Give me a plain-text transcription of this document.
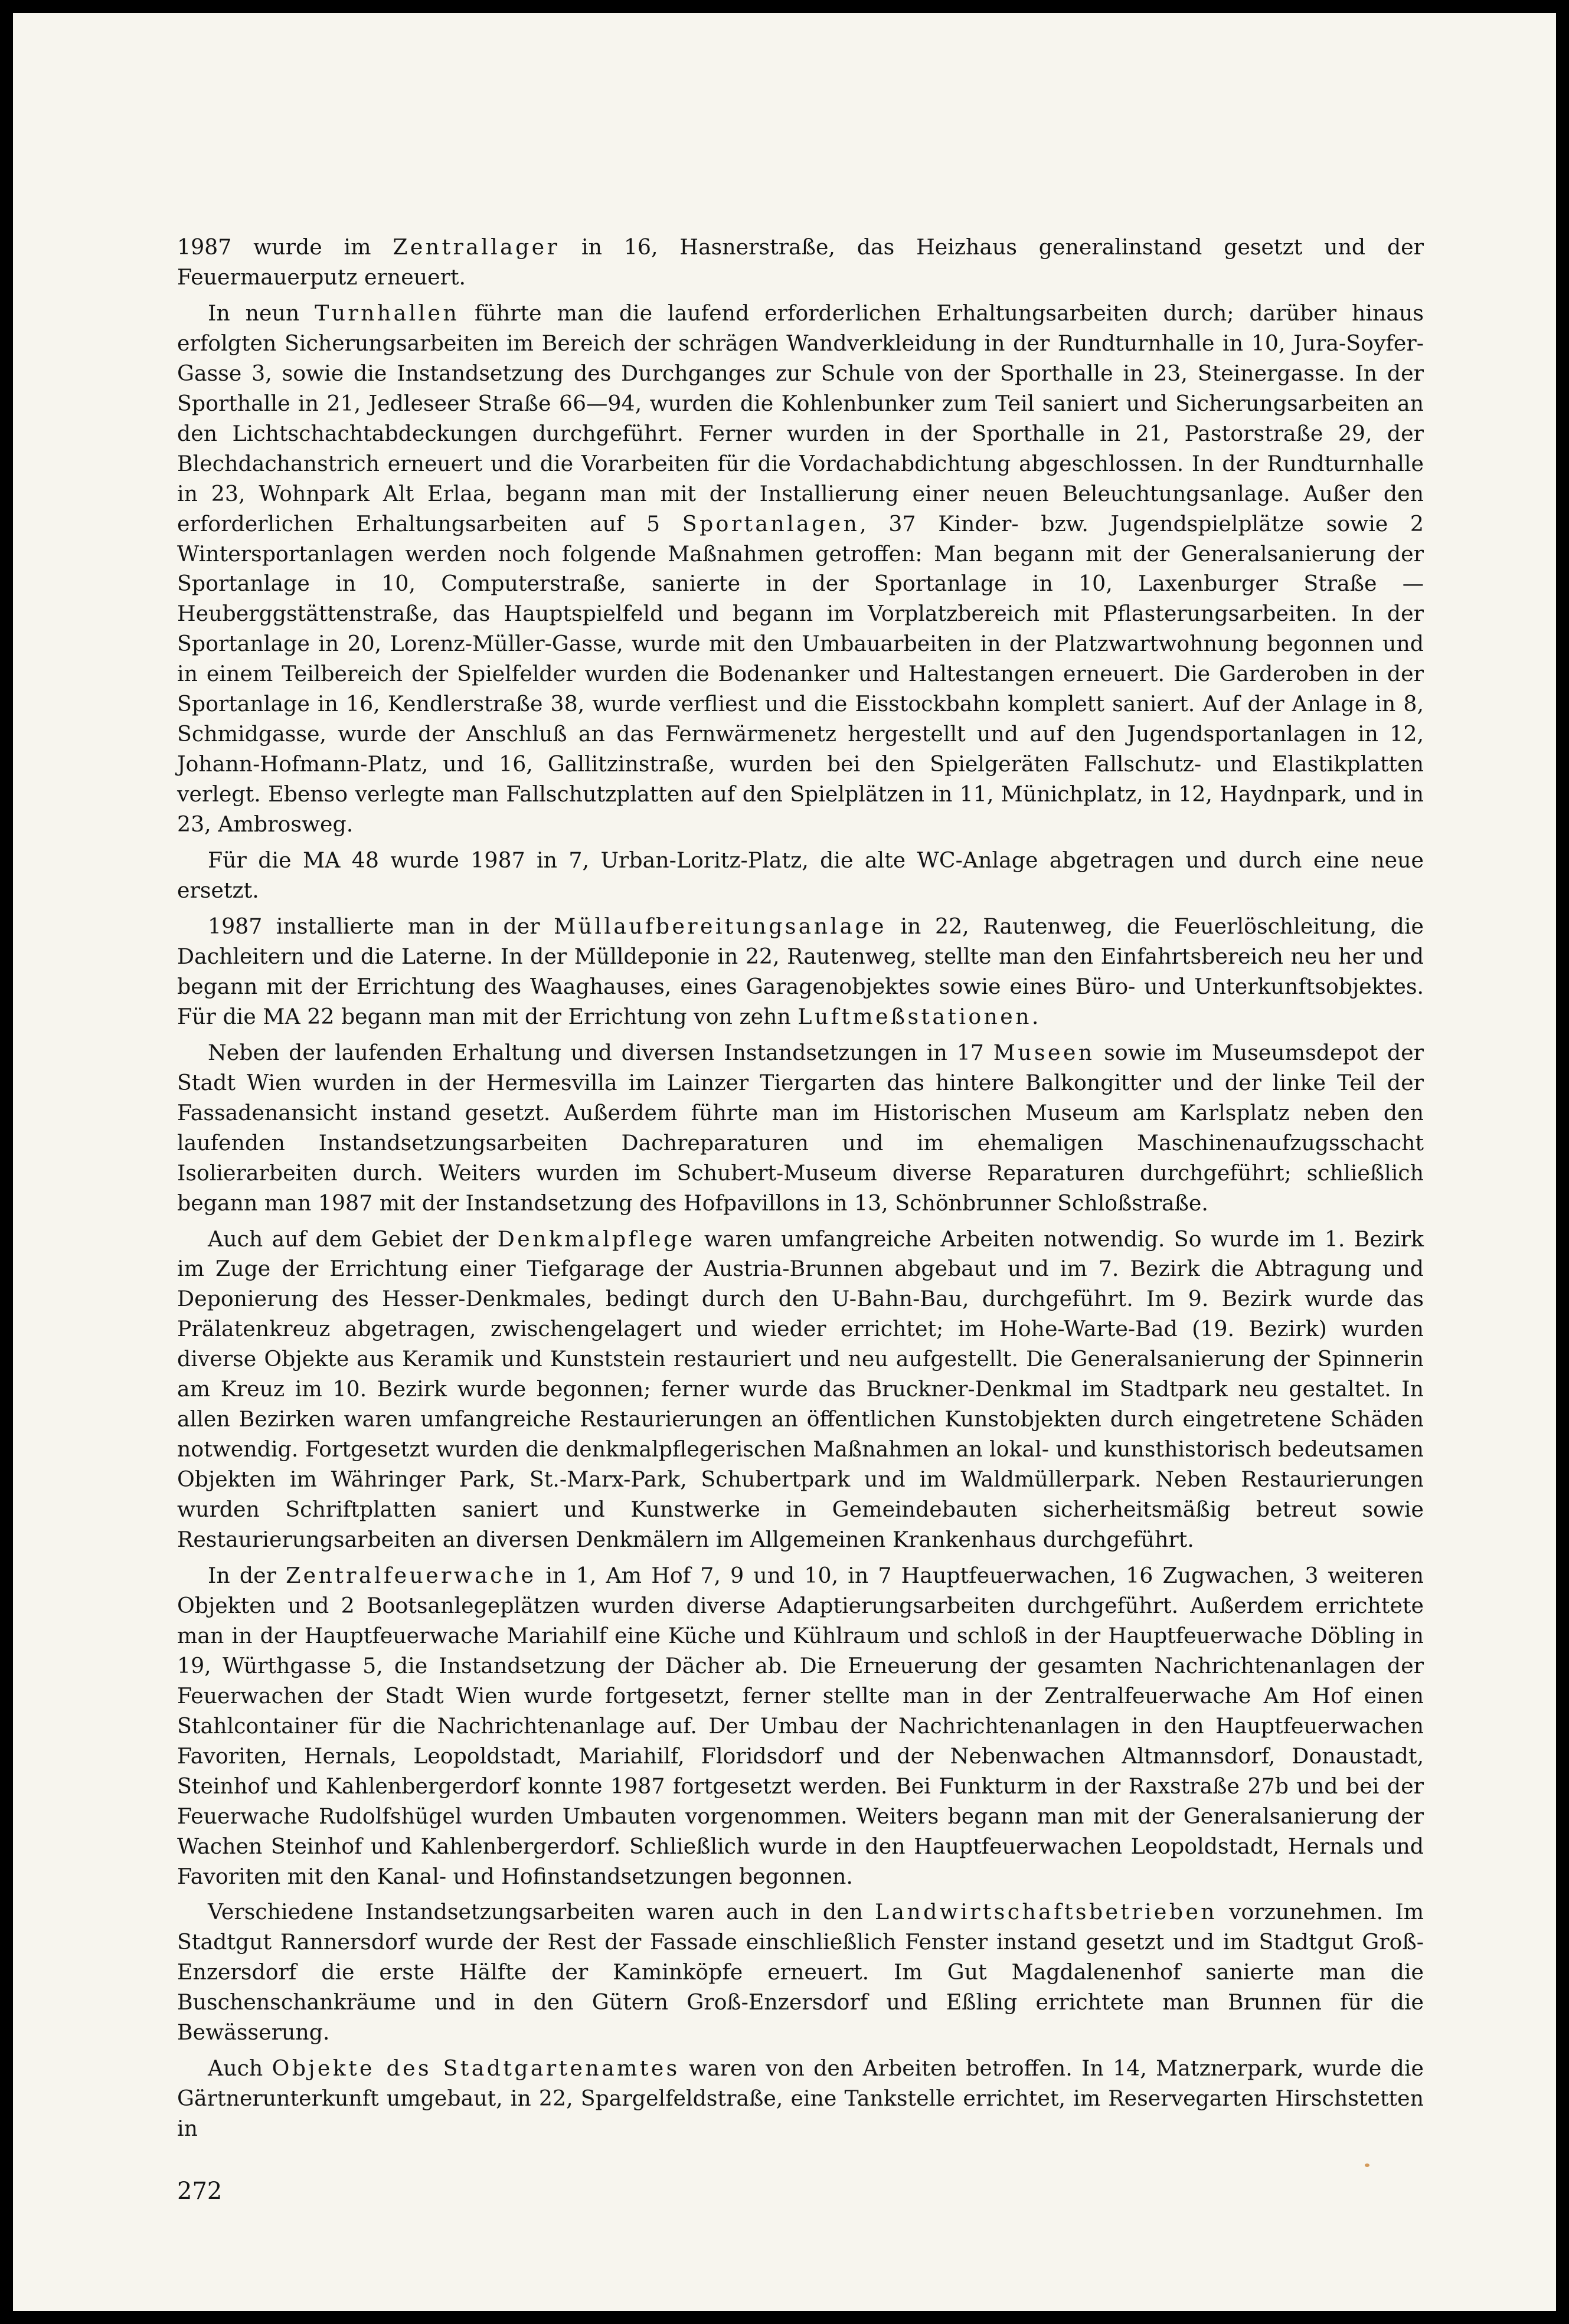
1987 wurde im Zentrallager in 16, Hasnerstraße, das Heizhaus generalinstand gesetzt und der Feuermauerputz erneuert.

In neun Turnhallen führte man die laufend erforderlichen Erhaltungsarbeiten durch; darüber hinaus erfolgten Sicherungsarbeiten im Bereich der schrägen Wandverkleidung in der Rundturnhalle in 10, Jura-Soyfer-Gasse 3, sowie die Instandsetzung des Durchganges zur Schule von der Sporthalle in 23, Steinergasse. In der Sporthalle in 21, Jedleseer Straße 66—94, wurden die Kohlenbunker zum Teil saniert und Sicherungsarbeiten an den Lichtschachtabdeckungen durchgeführt. Ferner wurden in der Sporthalle in 21, Pastorstraße 29, der Blechdachanstrich erneuert und die Vorarbeiten für die Vordachabdichtung abgeschlossen. In der Rundturnhalle in 23, Wohnpark Alt Erlaa, begann man mit der Installierung einer neuen Beleuchtungsanlage. Außer den erforderlichen Erhaltungsarbeiten auf 5 Sportanlagen, 37 Kinder- bzw. Jugendspielplätze sowie 2 Wintersportanlagen werden noch folgende Maßnahmen getroffen: Man begann mit der Generalsanierung der Sportanlage in 10, Computerstraße, sanierte in der Sportanlage in 10, Laxenburger Straße — Heuberggstättenstraße, das Hauptspielfeld und begann im Vorplatzbereich mit Pflasterungsarbeiten. In der Sportanlage in 20, Lorenz-Müller-Gasse, wurde mit den Umbauarbeiten in der Platzwartwohnung begonnen und in einem Teilbereich der Spielfelder wurden die Bodenanker und Haltestangen erneuert. Die Garderoben in der Sportanlage in 16, Kendlerstraße 38, wurde verfliest und die Eisstockbahn komplett saniert. Auf der Anlage in 8, Schmidgasse, wurde der Anschluß an das Fernwärmenetz hergestellt und auf den Jugendsportanlagen in 12, Johann-Hofmann-Platz, und 16, Gallitzinstraße, wurden bei den Spielgeräten Fallschutz- und Elastikplatten verlegt. Ebenso verlegte man Fallschutzplatten auf den Spielplätzen in 11, Münichplatz, in 12, Haydnpark, und in 23, Ambrosweg.

Für die MA 48 wurde 1987 in 7, Urban-Loritz-Platz, die alte WC-Anlage abgetragen und durch eine neue ersetzt.

1987 installierte man in der Müllaufbereitungsanlage in 22, Rautenweg, die Feuerlöschleitung, die Dachleitern und die Laterne. In der Mülldeponie in 22, Rautenweg, stellte man den Einfahrtsbereich neu her und begann mit der Errichtung des Waaghauses, eines Garagenobjektes sowie eines Büro- und Unterkunftsobjektes. Für die MA 22 begann man mit der Errichtung von zehn Luftmeßstationen.

Neben der laufenden Erhaltung und diversen Instandsetzungen in 17 Museen sowie im Museumsdepot der Stadt Wien wurden in der Hermesvilla im Lainzer Tiergarten das hintere Balkongitter und der linke Teil der Fassadenansicht instand gesetzt. Außerdem führte man im Historischen Museum am Karlsplatz neben den laufenden Instandsetzungsarbeiten Dachreparaturen und im ehemaligen Maschinenaufzugsschacht Isolierarbeiten durch. Weiters wurden im Schubert-Museum diverse Reparaturen durchgeführt; schließlich begann man 1987 mit der Instandsetzung des Hofpavillons in 13, Schönbrunner Schloßstraße.

Auch auf dem Gebiet der Denkmalpflege waren umfangreiche Arbeiten notwendig. So wurde im 1. Bezirk im Zuge der Errichtung einer Tiefgarage der Austria-Brunnen abgebaut und im 7. Bezirk die Abtragung und Deponierung des Hesser-Denkmales, bedingt durch den U-Bahn-Bau, durchgeführt. Im 9. Bezirk wurde das Prälatenkreuz abgetragen, zwischengelagert und wieder errichtet; im Hohe-Warte-Bad (19. Bezirk) wurden diverse Objekte aus Keramik und Kunststein restauriert und neu aufgestellt. Die Generalsanierung der Spinnerin am Kreuz im 10. Bezirk wurde begonnen; ferner wurde das Bruckner-Denkmal im Stadtpark neu gestaltet. In allen Bezirken waren umfangreiche Restaurierungen an öffentlichen Kunstobjekten durch eingetretene Schäden notwendig. Fortgesetzt wurden die denkmalpflegerischen Maßnahmen an lokal- und kunsthistorisch bedeutsamen Objekten im Währinger Park, St.-Marx-Park, Schubertpark und im Waldmüllerpark. Neben Restaurierungen wurden Schriftplatten saniert und Kunstwerke in Gemeindebauten sicherheitsmäßig betreut sowie Restaurierungsarbeiten an diversen Denkmälern im Allgemeinen Krankenhaus durchgeführt.

In der Zentralfeuerwache in 1, Am Hof 7, 9 und 10, in 7 Hauptfeuerwachen, 16 Zugwachen, 3 weiteren Objekten und 2 Bootsanlegeplätzen wurden diverse Adaptierungsarbeiten durchgeführt. Außerdem errichtete man in der Hauptfeuerwache Mariahilf eine Küche und Kühlraum und schloß in der Hauptfeuerwache Döbling in 19, Würthgasse 5, die Instandsetzung der Dächer ab. Die Erneuerung der gesamten Nachrichtenanlagen der Feuerwachen der Stadt Wien wurde fortgesetzt, ferner stellte man in der Zentralfeuerwache Am Hof einen Stahlcontainer für die Nachrichtenanlage auf. Der Umbau der Nachrichtenanlagen in den Hauptfeuerwachen Favoriten, Hernals, Leopoldstadt, Mariahilf, Floridsdorf und der Nebenwachen Altmannsdorf, Donaustadt, Steinhof und Kahlenbergerdorf konnte 1987 fortgesetzt werden. Bei Funkturm in der Raxstraße 27b und bei der Feuerwache Rudolfshügel wurden Umbauten vorgenommen. Weiters begann man mit der Generalsanierung der Wachen Steinhof und Kahlenbergerdorf. Schließlich wurde in den Hauptfeuerwachen Leopoldstadt, Hernals und Favoriten mit den Kanal- und Hofinstandsetzungen begonnen.

Verschiedene Instandsetzungsarbeiten waren auch in den Landwirtschaftsbetrieben vorzunehmen. Im Stadtgut Rannersdorf wurde der Rest der Fassade einschließlich Fenster instand gesetzt und im Stadtgut Groß-Enzersdorf die erste Hälfte der Kaminköpfe erneuert. Im Gut Magdalenenhof sanierte man die Buschenschankräume und in den Gütern Groß-Enzersdorf und Eßling errichtete man Brunnen für die Bewässerung.

Auch Objekte des Stadtgartenamtes waren von den Arbeiten betroffen. In 14, Matznerpark, wurde die Gärtnerunterkunft umgebaut, in 22, Spargelfeldstraße, eine Tankstelle errichtet, im Reservegarten Hirschstetten in

272
